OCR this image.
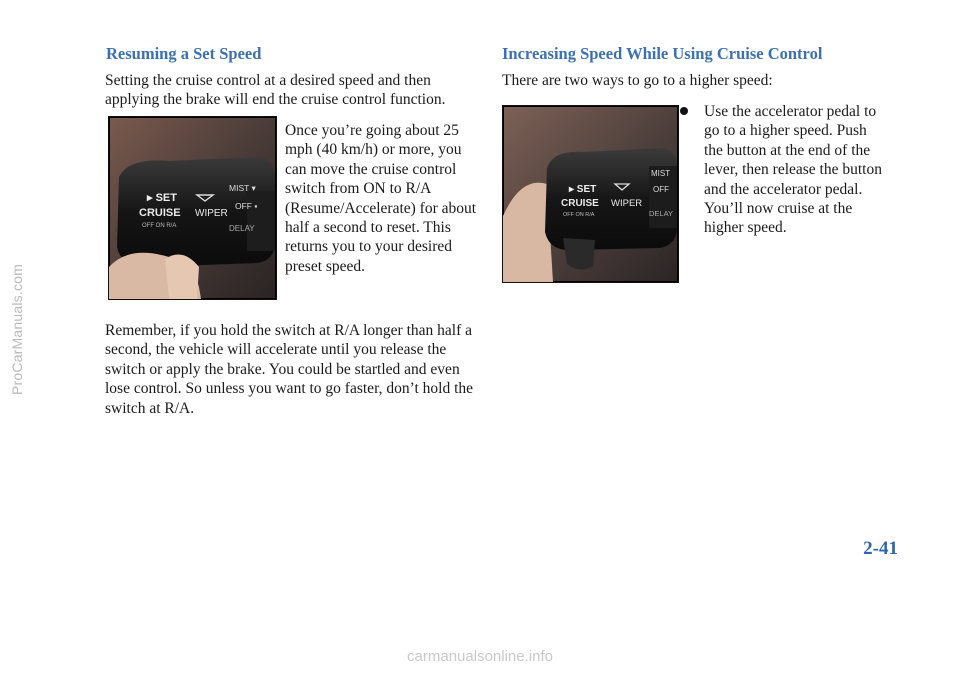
Resuming a Set Speed

Setting the cruise control at a desired speed and then applying the brake will end the cruise control function.

▸ SET
CRUISE WIPER
OFF ON R/A
MIST ▾
OFF ▪
DELAY

Once you’re going about 25 mph (40 km/h) or more, you can move the cruise control switch from ON to R/A (Resume/Accelerate) for about half a second to reset. This returns you to your desired preset speed.

Remember, if you hold the switch at R/A longer than half a second, the vehicle will accelerate until you release the switch or apply the brake. You could be startled and even lose control. So unless you want to go faster, don’t hold the switch at R/A.

Increasing Speed While Using Cruise Control

There are two ways to go to a higher speed:

▸ SET
CRUISE WIPER
OFF ON R/A
MIST
OFF
DELAY
Use the accelerator pedal to go to a higher speed. Push the button at the end of the lever, then release the button and the accelerator pedal. You’ll now cruise at the higher speed.

2-41

ProCarManuals.com
carmanualsonline.info
